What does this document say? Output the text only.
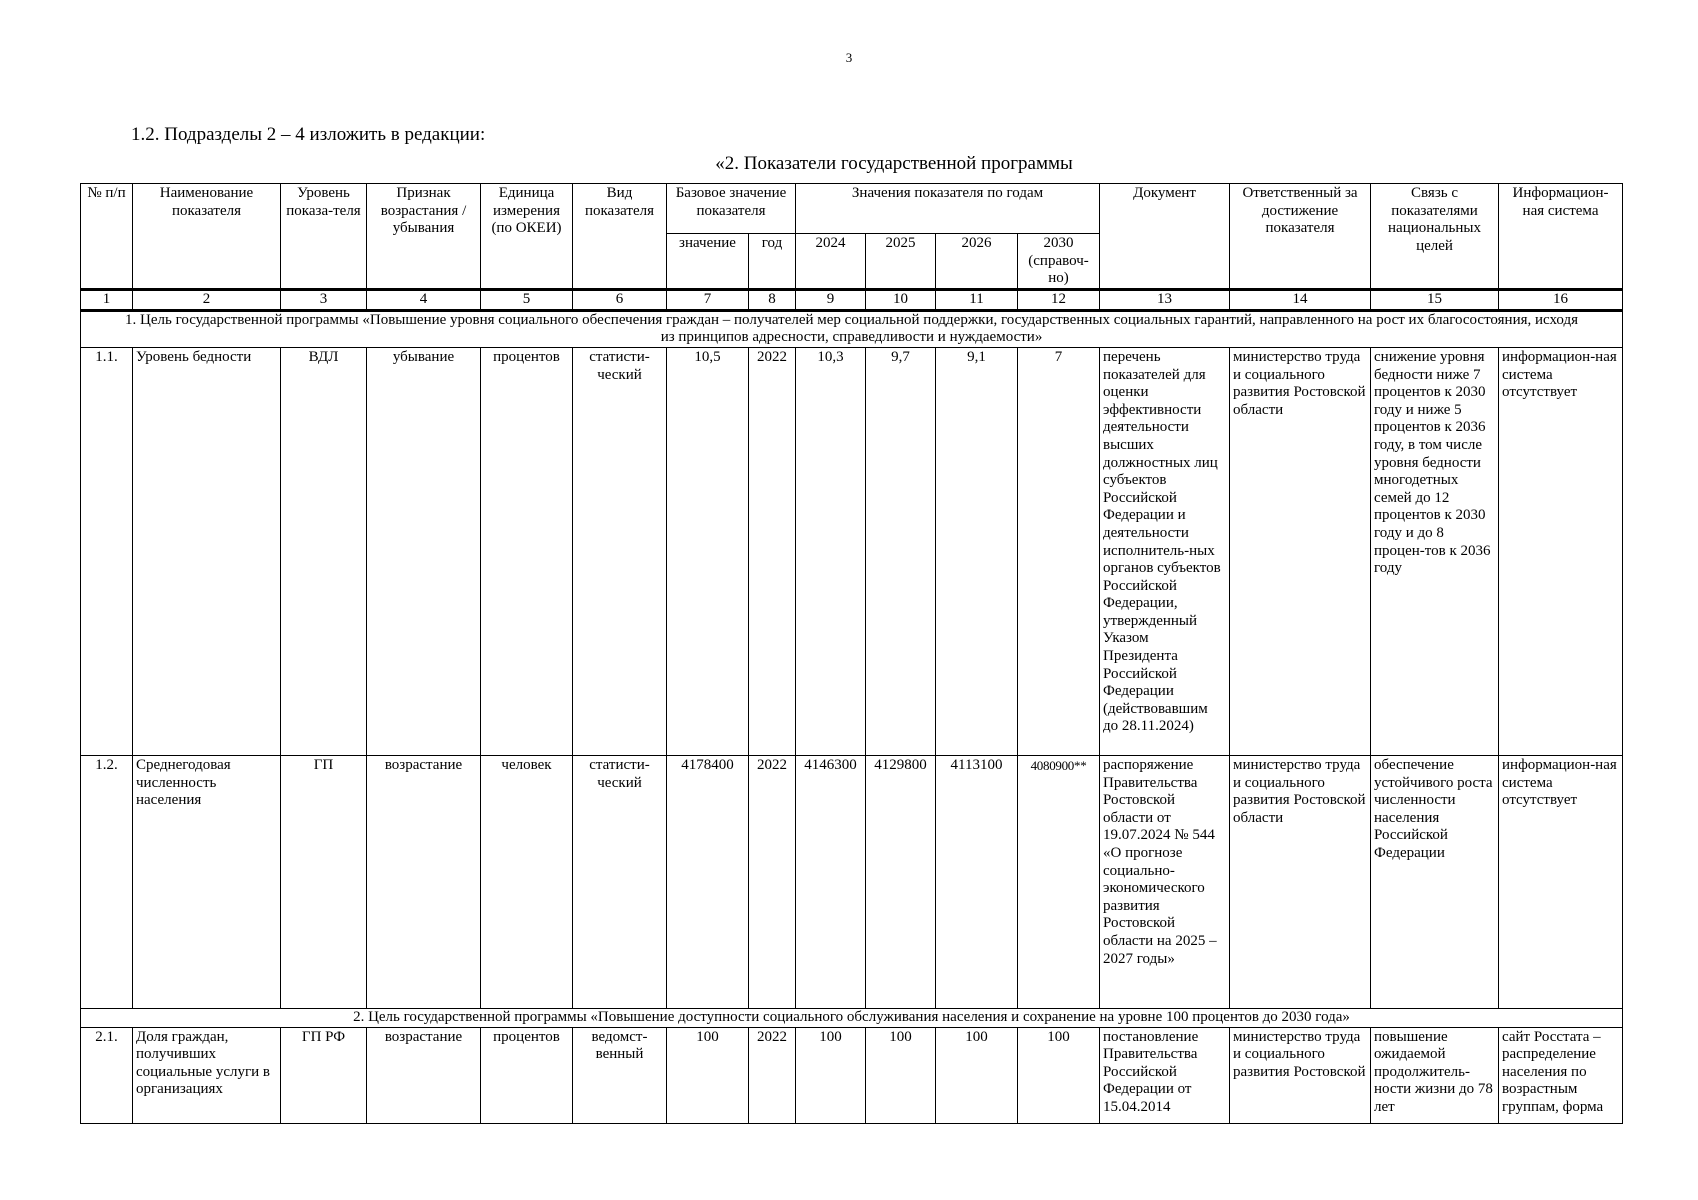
3
1.2. Подразделы 2 – 4 изложить в редакции:
«2. Показатели государственной программы
№ п/п	Наименование показателя	Уровень показа-теля	Признак возрастания / убывания	Единица измерения (по ОКЕИ)	Вид показателя	Базовое значение показателя		Значения показателя по годам				Документ	Ответственный за достижение показателя	Связь с показателями национальных целей	Информацион-ная система
						значение	год	2024	2025	2026	2030 (справоч-но)				
1	2	3	4	5	6	7	8	9	10	11	12	13	14	15	16
1. Цель государственной программы «Повышение уровня социального обеспечения граждан – получателей мер социальной поддержки, государственных социальных гарантий, направленного на рост их благосостояния, исходя из принципов адресности, справедливости и нуждаемости»															
1.1.	Уровень бедности	ВДЛ	убывание	процентов	статисти-ческий	10,5	2022	10,3	9,7	9,1	7	перечень показателей для оценки эффективности деятельности высших должностных лиц субъектов Российской Федерации и деятельности исполнитель-ных органов субъектов Российской Федерации, утвержденный Указом Президента Российской Федерации (действовавшим до 28.11.2024)	министерство труда и социального развития Ростовской области	снижение уровня бедности ниже 7 процентов к 2030 году и ниже 5 процентов к 2036 году, в том числе уровня бедности многодетных семей до 12 процентов к 2030 году и до 8 процен-тов к 2036 году	информацион-ная система отсутствует
1.2.	Среднегодовая численность населения	ГП	возрастание	человек	статисти-ческий	4178400	2022	4146300	4129800	4113100	4080900**	распоряжение Правительства Ростовской области от 19.07.2024 № 544 «О прогнозе социально-экономического развития Ростовской области на 2025 – 2027 годы»	министерство труда и социального развития Ростовской области	обеспечение устойчивого роста численности населения Российской Федерации	информацион-ная система отсутствует
2. Цель государственной программы «Повышение доступности социального обслуживания населения и сохранение на уровне 100 процентов до 2030 года»															
2.1.	Доля граждан, получивших социальные услуги в организациях	ГП РФ	возрастание	процентов	ведомст-венный	100	2022	100	100	100	100	постановление Правительства Российской Федерации от 15.04.2014	министерство труда и социального развития Ростовской	повышение ожидаемой продолжитель-ности жизни до 78 лет	сайт Росстата – распределение населения по возрастным группам, форма
